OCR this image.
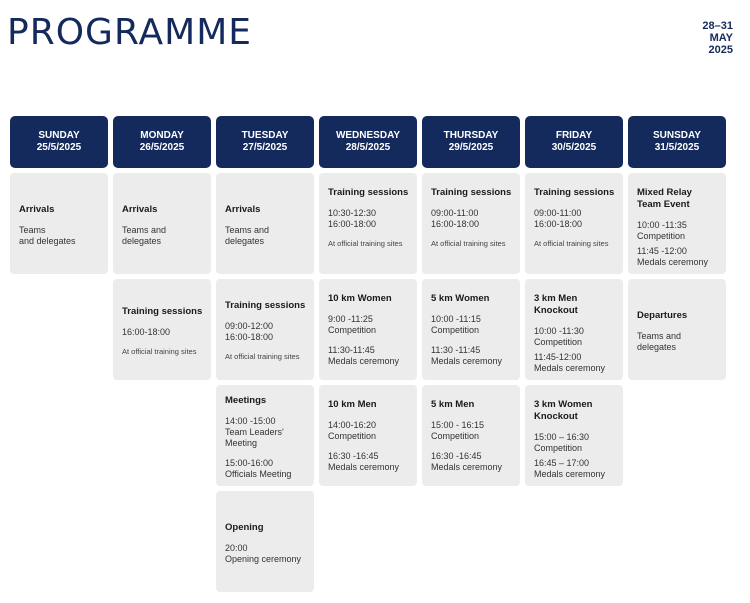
PROGRAMME	28–31
MAY
2025
SUNDAY
25/5/2025
Arrivals
Teams
and delegates
MONDAY
26/5/2025
Arrivals
Teams and
delegates
Training sessions
16:00-18:00
At official training sites
TUESDAY
27/5/2025
Arrivals
Teams and
delegates
Training sessions
09:00-12:00
16:00-18:00
At official training sites
Meetings
14:00 -15:00
Team Leaders'
Meeting
15:00-16:00
Officials Meeting
Opening
20:00
Opening ceremony
WEDNESDAY
28/5/2025
Training sessions
10:30-12:30
16:00-18:00
At official training sites
10 km Women
9:00 -11:25
Competition
11:30-11:45
Medals ceremony
10 km Men
14:00-16:20
Competition
16:30 -16:45
Medals ceremony
THURSDAY
29/5/2025
Training sessions
09:00-11:00
16:00-18:00
At official training sites
5 km Women
10:00 -11:15
Competition
11:30 -11:45
Medals ceremony
5 km Men
15:00 - 16:15
Competition
16:30 -16:45
Medals ceremony
FRIDAY
30/5/2025
Training sessions
09:00-11:00
16:00-18:00
At official training sites
3 km Men
Knockout
10:00 -11:30
Competition
11:45-12:00
Medals ceremony
3 km Women
Knockout
15:00 – 16:30
Competition
16:45 – 17:00
Medals ceremony
SUNSDAY
31/5/2025
Mixed Relay
Team Event
10:00 -11:35
Competition
11:45 -12:00
Medals ceremony
Departures
Teams and
delegates
